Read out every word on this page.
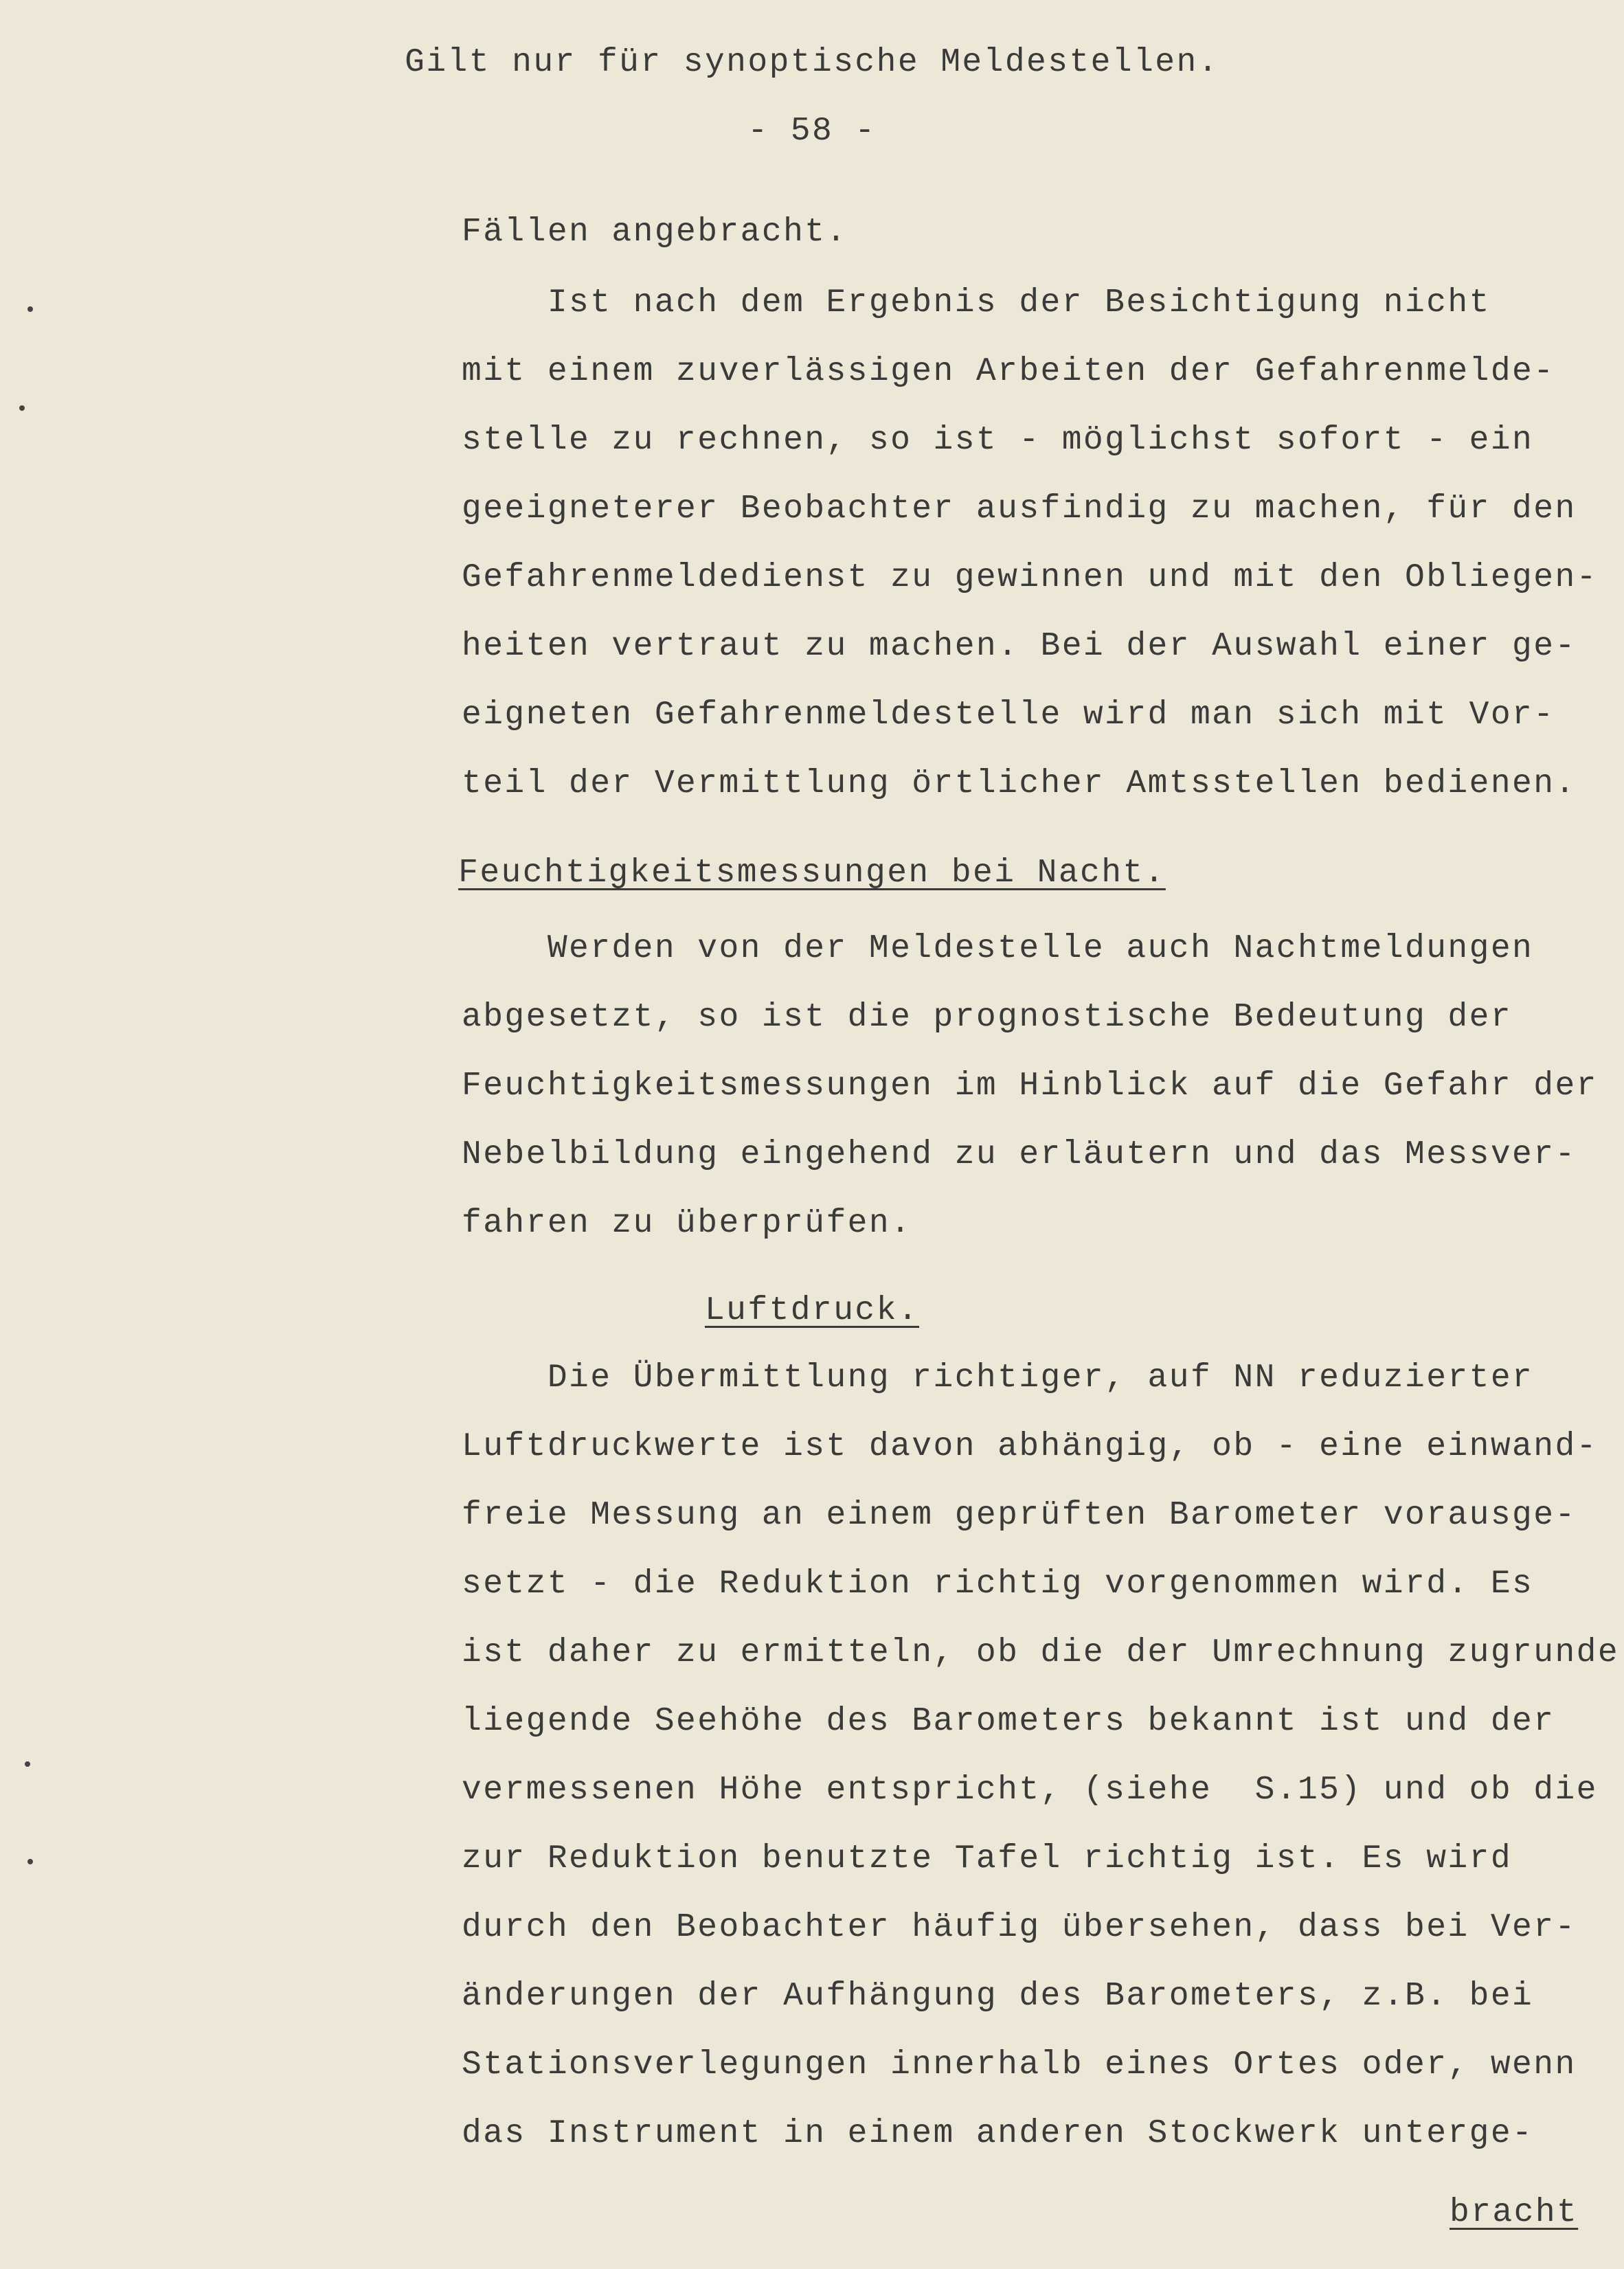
Gilt nur für synoptische Meldestellen.
- 58 -
Fällen angebracht.
Ist nach dem Ergebnis der Besichtigung nicht
mit einem zuverlässigen Arbeiten der Gefahrenmelde-
stelle zu rechnen, so ist - möglichst sofort - ein
geeigneterer Beobachter ausfindig zu machen, für den
Gefahrenmeldedienst zu gewinnen und mit den Obliegen-
heiten vertraut zu machen. Bei der Auswahl einer ge-
eigneten Gefahrenmeldestelle wird man sich mit Vor-
teil der Vermittlung örtlicher Amtsstellen bedienen.
Feuchtigkeitsmessungen bei Nacht.
Werden von der Meldestelle auch Nachtmeldungen
abgesetzt, so ist die prognostische Bedeutung der
Feuchtigkeitsmessungen im Hinblick auf die Gefahr der
Nebelbildung eingehend zu erläutern und das Messver-
fahren zu überprüfen.
Luftdruck.
Die Übermittlung richtiger, auf NN reduzierter
Luftdruckwerte ist davon abhängig, ob - eine einwand-
freie Messung an einem geprüften Barometer vorausge-
setzt - die Reduktion richtig vorgenommen wird. Es
ist daher zu ermitteln, ob die der Umrechnung zugrunde
liegende Seehöhe des Barometers bekannt ist und der
vermessenen Höhe entspricht, (siehe  S.15) und ob die
zur Reduktion benutzte Tafel richtig ist. Es wird
durch den Beobachter häufig übersehen, dass bei Ver-
änderungen der Aufhängung des Barometers, z.B. bei
Stationsverlegungen innerhalb eines Ortes oder, wenn
das Instrument in einem anderen Stockwerk unterge-
bracht
